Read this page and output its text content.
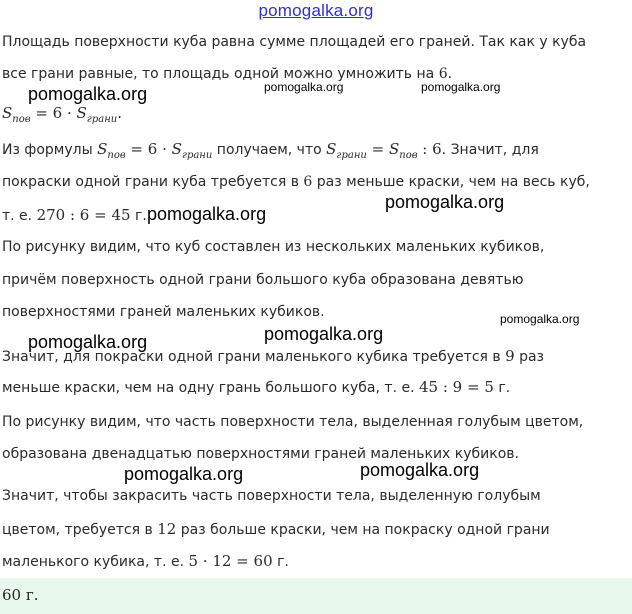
pomogalka.org
Площадь поверхности куба равна сумме площадей его граней. Так как у куба
все грани равные, то площадь одной можно умножить на 6.
$S_{пов} = 6 \cdot S_{грани}$.
Из формулы $S_{пов} = 6 \cdot S_{грани}$ получаем, что $S_{грани} = S_{пов}$ : 6. Значит, для
покраски одной грани куба требуется в 6 раз меньше краски, чем на весь куб,
т. е. 270 : 6 = 45 г.
По рисунку видим, что куб составлен из нескольких маленьких кубиков,
причём поверхность одной грани большого куба образована девятью
поверхностями граней маленьких кубиков.
Значит, для покраски одной грани маленького кубика требуется в 9 раз
меньше краски, чем на одну грань большого куба, т. е. 45 : 9 = 5 г.
По рисунку видим, что часть поверхности тела, выделенная голубым цветом,
образована двенадцатью поверхностями граней маленьких кубиков.
Значит, чтобы закрасить часть поверхности тела, выделенную голубым
цветом, требуется в 12 раз больше краски, чем на покраску одной грани
маленького кубика, т. е. 5 · 12 = 60 г.
60 г.
pomogalka.org	pomogalka.org	pomogalka.org
pomogalka.org
pomogalka.org
pomogalka.org
pomogalka.org
pomogalka.org
pomogalka.org	pomogalka.org
